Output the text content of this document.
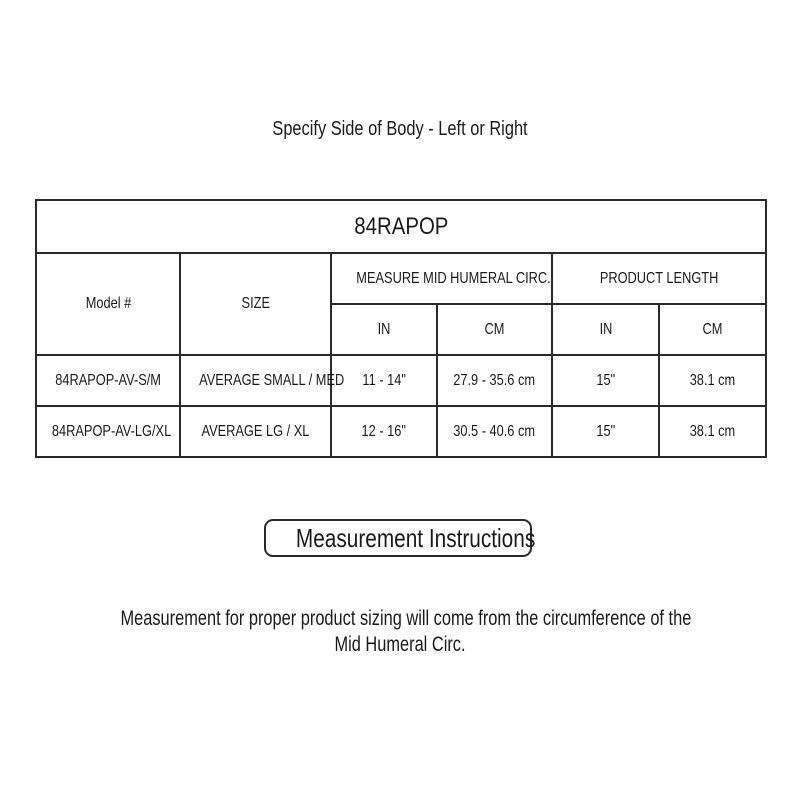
Specify Side of Body - Left or Right
84RAPOP					
Model #	SIZE	MEASURE MID HUMERAL CIRC.		PRODUCT LENGTH	
		IN	CM	IN	CM
84RAPOP-AV-S/M	AVERAGE SMALL / MED	11 - 14"	27.9 - 35.6 cm	15"	38.1 cm
84RAPOP-AV-LG/XL	AVERAGE LG / XL	12 - 16"	30.5 - 40.6 cm	15"	38.1 cm
Measurement Instructions
Measurement for proper product sizing will come from the circumference of the
Mid Humeral Circ.
